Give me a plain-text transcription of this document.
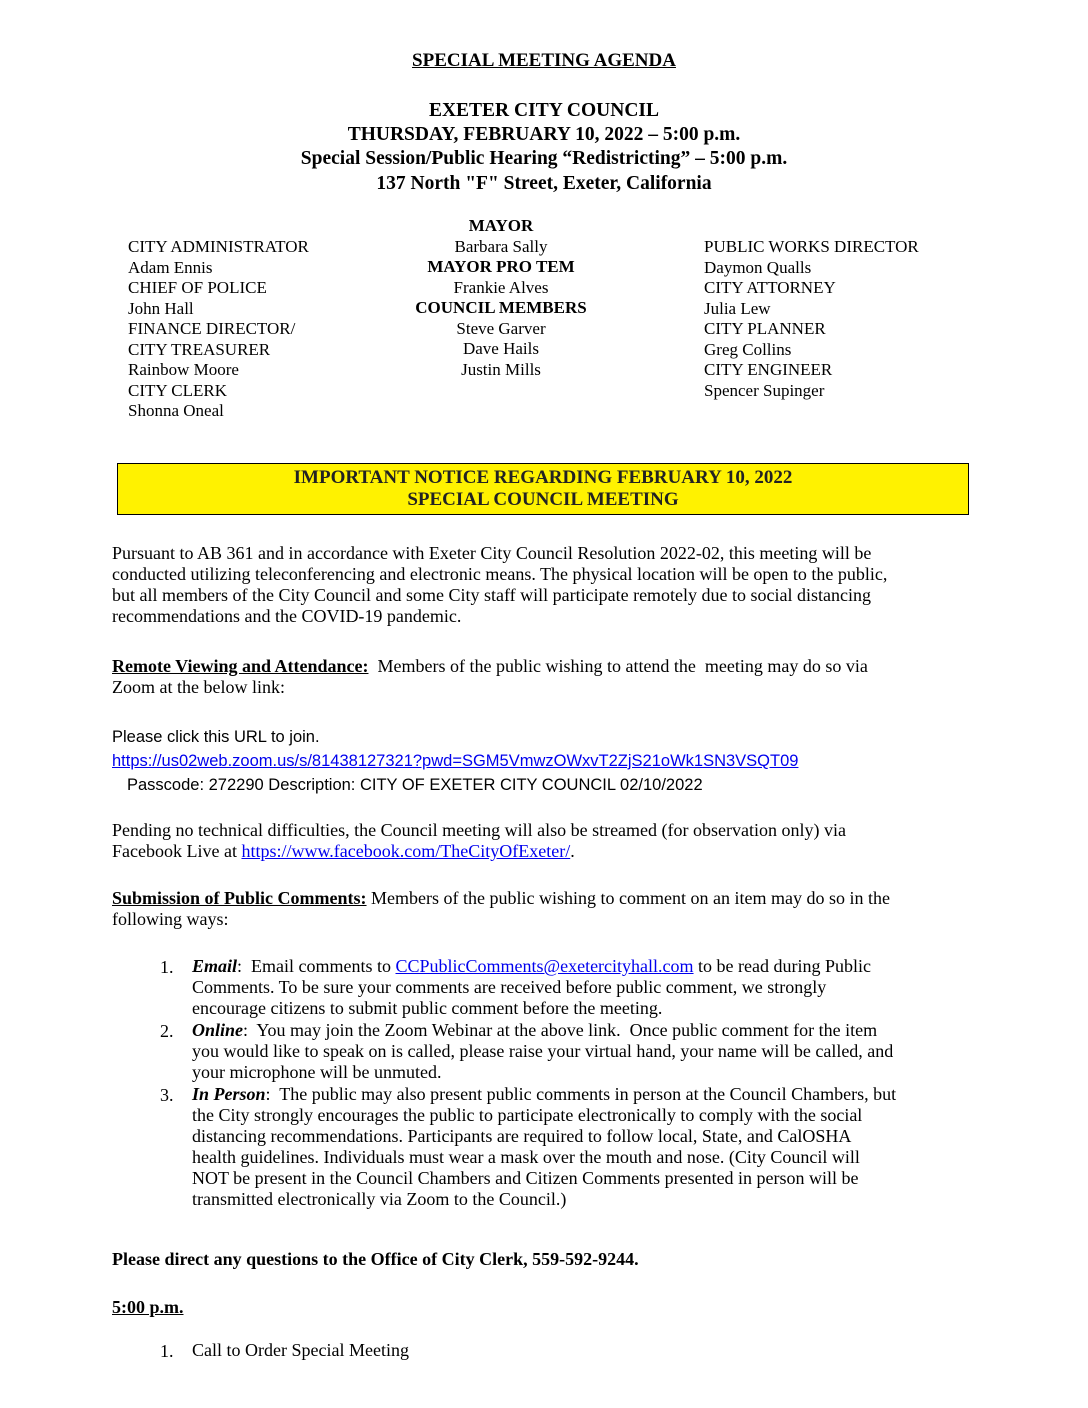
SPECIAL MEETING AGENDA
EXETER CITY COUNCIL
THURSDAY, FEBRUARY 10, 2022 – 5:00 p.m.
Special Session/Public Hearing “Redistricting” – 5:00 p.m.
137 North "F" Street, Exeter, California
CITY ADMINISTRATOR
Adam Ennis
CHIEF OF POLICE
John Hall
FINANCE DIRECTOR/
CITY TREASURER
Rainbow Moore
CITY CLERK
Shonna Oneal
MAYOR
Barbara Sally
MAYOR PRO TEM
Frankie Alves
COUNCIL MEMBERS
Steve Garver
Dave Hails
Justin Mills
PUBLIC WORKS DIRECTOR
Daymon Qualls
CITY ATTORNEY
Julia Lew
CITY PLANNER
Greg Collins
CITY ENGINEER
Spencer Supinger
IMPORTANT NOTICE REGARDING FEBRUARY 10, 2022
SPECIAL COUNCIL MEETING
Pursuant to AB 361 and in accordance with Exeter City Council Resolution 2022-02, this meeting will be
conducted utilizing teleconferencing and electronic means. The physical location will be open to the public,
but all members of the City Council and some City staff will participate remotely due to social distancing
recommendations and the COVID-19 pandemic.
Remote Viewing and Attendance:  Members of the public wishing to attend the  meeting may do so via
Zoom at the below link:
Please click this URL to join.
https://us02web.zoom.us/s/81438127321?pwd=SGM5VmwzOWxvT2ZjS21oWk1SN3VSQT09
Passcode: 272290 Description: CITY OF EXETER CITY COUNCIL 02/10/2022
Pending no technical difficulties, the Council meeting will also be streamed (for observation only) via
Facebook Live at https://www.facebook.com/TheCityOfExeter/.
Submission of Public Comments: Members of the public wishing to comment on an item may do so in the
following ways:
1. Email:  Email comments to CCPublicComments@exetercityhall.com to be read during Public
Comments. To be sure your comments are received before public comment, we strongly
encourage citizens to submit public comment before the meeting.
2. Online:  You may join the Zoom Webinar at the above link.  Once public comment for the item
you would like to speak on is called, please raise your virtual hand, your name will be called, and
your microphone will be unmuted.
3. In Person:  The public may also present public comments in person at the Council Chambers, but
the City strongly encourages the public to participate electronically to comply with the social
distancing recommendations. Participants are required to follow local, State, and CalOSHA
health guidelines. Individuals must wear a mask over the mouth and nose. (City Council will
NOT be present in the Council Chambers and Citizen Comments presented in person will be
transmitted electronically via Zoom to the Council.)
Please direct any questions to the Office of City Clerk, 559-592-9244.
5:00 p.m.
1. Call to Order Special Meeting
